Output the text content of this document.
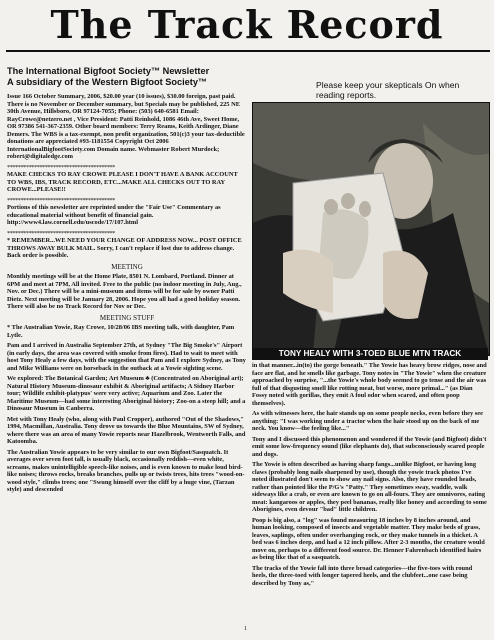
The Track Record
Please keep your skepticals On when reading reports.
The International Bigfoot Society™ Newsletter
A subsidiary of the Western Bigfoot Society™

Issue 166 October Summary, 2006, $20.00 year (10 issues), $30.00 foreign, past paid. There is no November or December summary, but Specials may be published, 225 NE 30th Avenue, Hillsboro, OR 97124-7055; Phone: (503) 640-6581 Email: RayCrowe@netzero.net , Vice President: Patti Reinhold, 1086 46th Ave, Sweet Home, OR 97386 541-367-2359. Other board members: Terry Reams, Keith Ardinger, Diane Demers. The WBS is a tax-exempt, non profit organization, 501(c)3 your tax-deductible donations are appreciated #93-1181554 Copyright Oct 2006 InternationalBigfootSociety.com Domain name. Webmaster Robert Murdock; robert@digitaledge.com

****************************************

MAKE CHECKS TO RAY CROWE PLEASE I DON'T HAVE A BANK ACCOUNT TO WBS, IBS, TRACK RECORD, ETC...MAKE ALL CHECKS OUT TO RAY CROWE...PLEASE!!

****************************************

Portions of this newsletter are reprinted under the "Fair Use" Commentary as educational material without benefit of financial gain. http://www4.law.cornell.edu/uscode/17/107.html

****************************************

* REMEMBER...WE NEED YOUR CHANGE OF ADDRESS NOW... POST OFFICE THROWS AWAY BULK MAIL. Sorry, I can't replace if lost due to address change. Back order is possible.

MEETING

Monthly meetings will be at the Home Plate, 8501 N. Lombard, Portland. Dinner at 6PM and meet at 7PM, All invited. Free to the public (no indoor meeting in July, Aug., Nov. or Dec.) There will be a mini-museum and items will be for sale by owner Patti Dietz. Next meeting will be January 28, 2006. Hope you all had a good holiday season. There will also be no Track Record for Nov or Dec.

MEETING STUFF

* The Australian Yowie, Ray Crowe, 10/28/06 IBS meeting talk, with daughter, Pam Lytle.

Pam and I arrived in Australia September 27th, at Sydney "The Big Smoke's" Airport (in early days, the area was covered with smoke from fires). Had to wait to meet with host Tony Healy a few days, with the suggestion that Pam and I explore Sydney, as Tony and Mike Williams were on horseback in the outback at a Yowie sighting scene.

We explored: The Botanical Garden; Art Museum ♣ (Concentrated on Aboriginal art); Natural History Museum-dinosaur exhibit & Aboriginal artifacts; A Sidney Harbor tour; Wildlife exhibit-platypus' were very active; Aquarium and Zoo. Later the Maritime Museum—had some interesting Aboriginal history; Zoo-on a steep hill; and a Dinosaur Museum in Canberra.

Met with Tony Healy (who, along with Paul Cropper), authored "Out of the Shadows," 1994, Macmillan, Australia. Tony drove us towards the Blue Mountains, SW of Sydney, where there was an area of many Yowie reports near Hazelbrook, Wentworth Falls, and Katoomba.

The Australian Yowie appears to be very similar to our own Bigfoot/Sasquatch. It averages over seven foot tall, is usually black, occasionally reddish—even white, screams, makes unintelligible speech-like noises, and is even known to make loud bird-like noises; throws rocks, breaks branches, pulls up or twists trees, hits trees "wood-on-wood style," climbs trees; one "Swung himself over the cliff by a huge vine, (Tarzan style) and descended

TONY HEALY WITH 3-TOED BLUE MTN TRACK

in that manner...in(to) the gorge beneath." The Yowie has heavy brow ridges, nose and face are flat, and he smells like garbage. Tony notes in "The Yowie" when the creature approached by surprise, "...the Yowie's whole body seemed to go tense and the air was full of that disgusting smell like rotting meat, but worse, more primal..." (as Dian Fossy noted with gorillas, they emit A foul odor when scared, and often poop themselves).

As with witnesses here, the hair stands up on some people necks, even before they see anything: "I was working under a tractor when the hair stood up on the back of me neck. You know—the feeling like..."

Tony and I discussed this phenomenon and wondered if the Yowie (and Bigfoot) didn't emit some low-frequency sound (like elephants do), that subconsciously scared people and dogs.

The Yowie is often described as having sharp fangs...unlike Bigfoot, or having long claws (probably long nails sharpened by use), though the yowie track photos I've noted illustrated don't seem to show any nail signs. Also, they have rounded heads, rather than pointed like the P/G's "Patty." They sometimes sway, waddle, walk sideways like a crab, or even are known to go on all-fours. They are omnivores, eating meat: kangaroos or apples, they peel bananas, really like honey and according to some Aborigines, even devour "bad" little children.

Poop is big also, a "log" was found measuring 18 inches by 8 inches around, and human looking, composed of insects and vegetable matter. They make beds of grass, leaves, saplings, often under overhanging rock, or they make tunnels in a thicket. A bed was 6 inches deep, and had a 12 inch pillow. After 2-3 months, the creature would move on, perhaps to a different food source. Dr. Henner Fahrenbach identified hairs as being like that of a sasquatch.

The tracks of the Yowie fall into three broad categories—the five-toes with round heels, the three-toed with longer tapered heels, and the clubfeet...one case being described by Tony as,"

1
